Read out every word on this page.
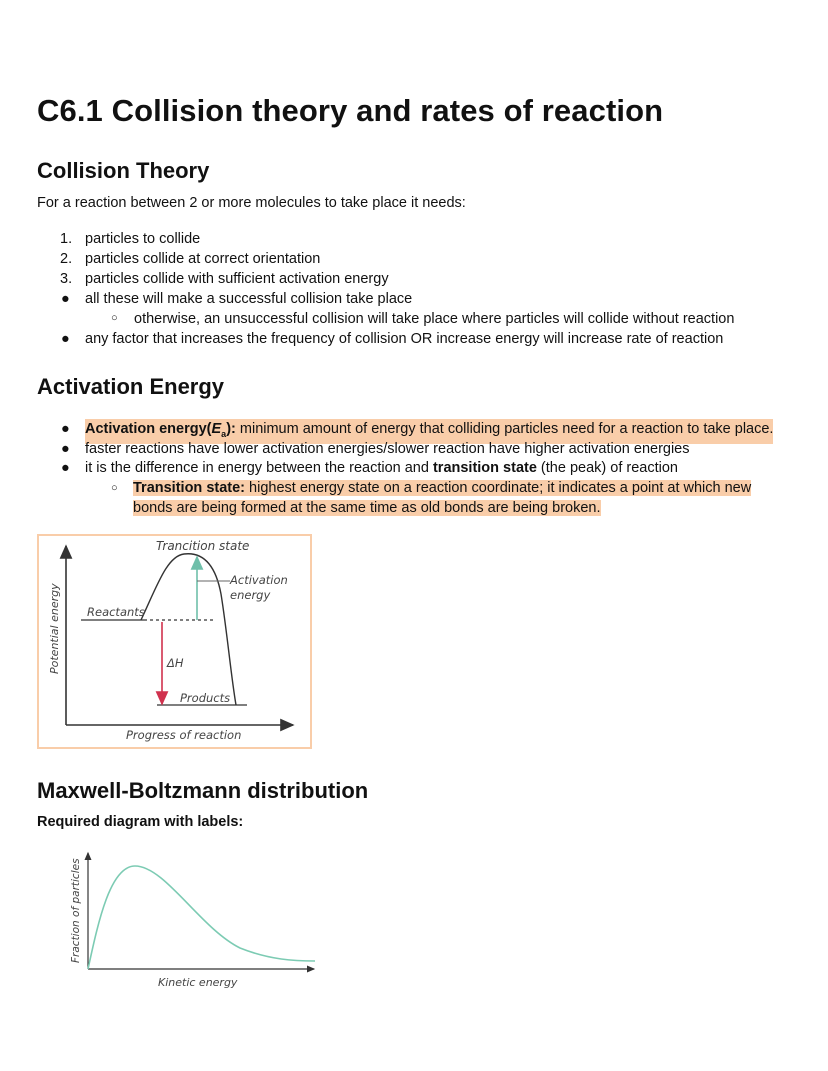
C6.1 Collision theory and rates of reaction
Collision Theory

For a reaction between 2 or more molecules to take place it needs:

1. particles to collide
2. particles collide at correct orientation
3. particles collide with sufficient activation energy
● all these will make a successful collision take place
○ otherwise, an unsuccessful collision will take place where particles will collide without reaction
● any factor that increases the frequency of collision OR increase energy will increase rate of reaction
Activation Energy
● Activation $energy(E_a)$: minimum amount of energy that colliding particles need for a reaction to take place.
● faster reactions have lower activation energies/slower reaction have higher activation energies
● it is the difference in energy between the reaction and transition state (the peak) of reaction
○ Transition state: highest energy state on a reaction coordinate; it indicates a point at which new
bonds are being formed at the same time as old bonds are being broken.
Trancition state
Activation
energy
Reactants
Products
ΔH
Progress of reaction
Potential energy
Maxwell-Boltzmann distribution

Required diagram with labels:

Kinetic energy
Fraction of particles
